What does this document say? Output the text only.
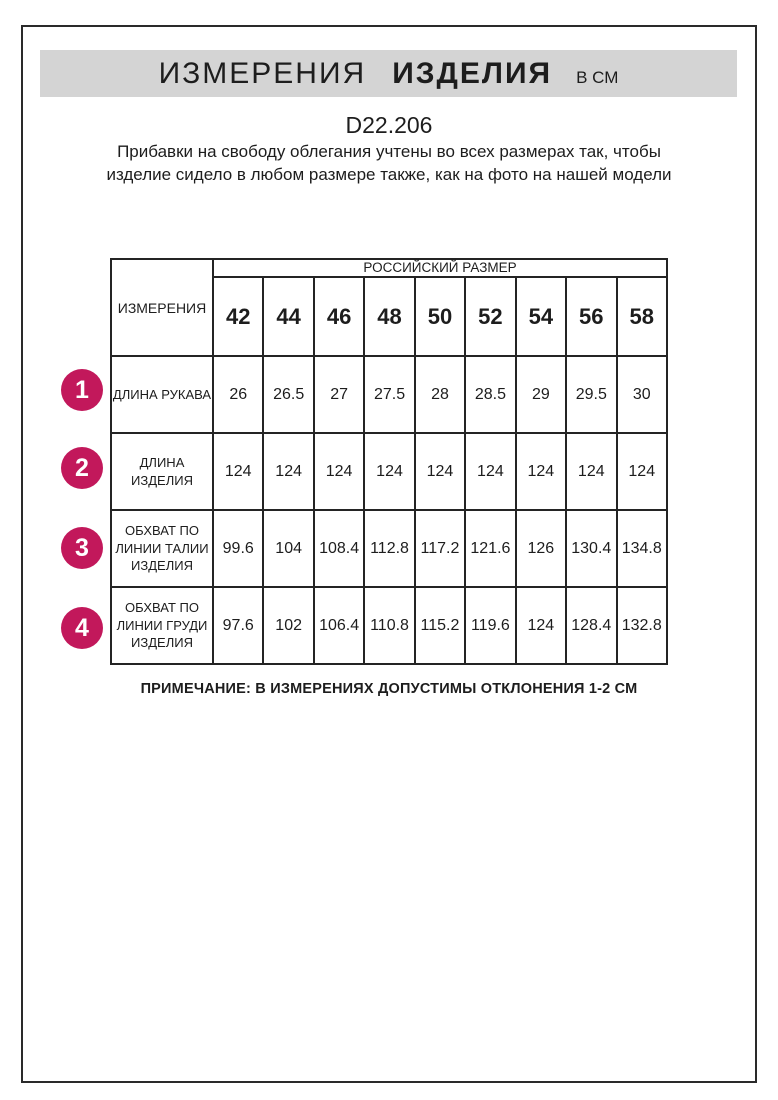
ИЗМЕРЕНИЯ ИЗДЕЛИЯ В СМ
D22.206
Прибавки на свободу облегания учтены во всех размерах так, чтобы изделие сидело в любом размере также, как на фото на нашей модели
ИЗМЕРЕНИЯ	РОССИЙСКИЙ РАЗМЕР								
	42	44	46	48	50	52	54	56	58
ДЛИНА РУКАВА	26	26.5	27	27.5	28	28.5	29	29.5	30
ДЛИНА ИЗДЕЛИЯ	124	124	124	124	124	124	124	124	124
ОБХВАТ ПО ЛИНИИ ТАЛИИ ИЗДЕЛИЯ	99.6	104	108.4	112.8	117.2	121.6	126	130.4	134.8
ОБХВАТ ПО ЛИНИИ ГРУДИ ИЗДЕЛИЯ	97.6	102	106.4	110.8	115.2	119.6	124	128.4	132.8
1
2
3
4
ПРИМЕЧАНИЕ: В ИЗМЕРЕНИЯХ ДОПУСТИМЫ ОТКЛОНЕНИЯ 1-2 СМ
